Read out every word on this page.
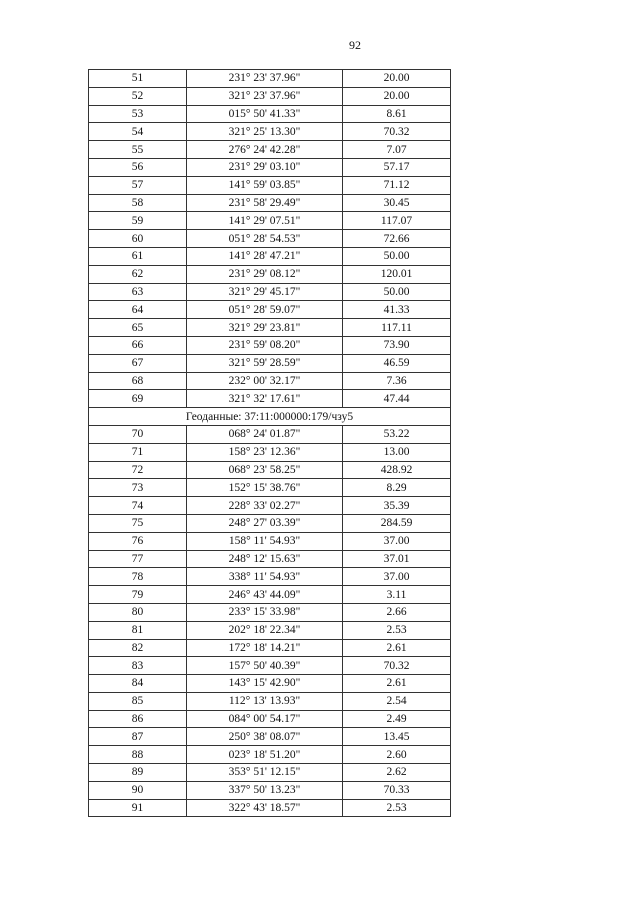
92
51	231° 23' 37.96"	20.00
52	321° 23' 37.96"	20.00
53	015° 50' 41.33"	8.61
54	321° 25' 13.30"	70.32
55	276° 24' 42.28"	7.07
56	231° 29' 03.10"	57.17
57	141° 59' 03.85"	71.12
58	231° 58' 29.49"	30.45
59	141° 29' 07.51"	117.07
60	051° 28' 54.53"	72.66
61	141° 28' 47.21"	50.00
62	231° 29' 08.12"	120.01
63	321° 29' 45.17"	50.00
64	051° 28' 59.07"	41.33
65	321° 29' 23.81"	117.11
66	231° 59' 08.20"	73.90
67	321° 59' 28.59"	46.59
68	232° 00' 32.17"	7.36
69	321° 32' 17.61"	47.44
Геоданные: 37:11:000000:179/чзу5		
70	068° 24' 01.87"	53.22
71	158° 23' 12.36"	13.00
72	068° 23' 58.25"	428.92
73	152° 15' 38.76"	8.29
74	228° 33' 02.27"	35.39
75	248° 27' 03.39"	284.59
76	158° 11' 54.93"	37.00
77	248° 12' 15.63"	37.01
78	338° 11' 54.93"	37.00
79	246° 43' 44.09"	3.11
80	233° 15' 33.98"	2.66
81	202° 18' 22.34"	2.53
82	172° 18' 14.21"	2.61
83	157° 50' 40.39"	70.32
84	143° 15' 42.90"	2.61
85	112° 13' 13.93"	2.54
86	084° 00' 54.17"	2.49
87	250° 38' 08.07"	13.45
88	023° 18' 51.20"	2.60
89	353° 51' 12.15"	2.62
90	337° 50' 13.23"	70.33
91	322° 43' 18.57"	2.53
